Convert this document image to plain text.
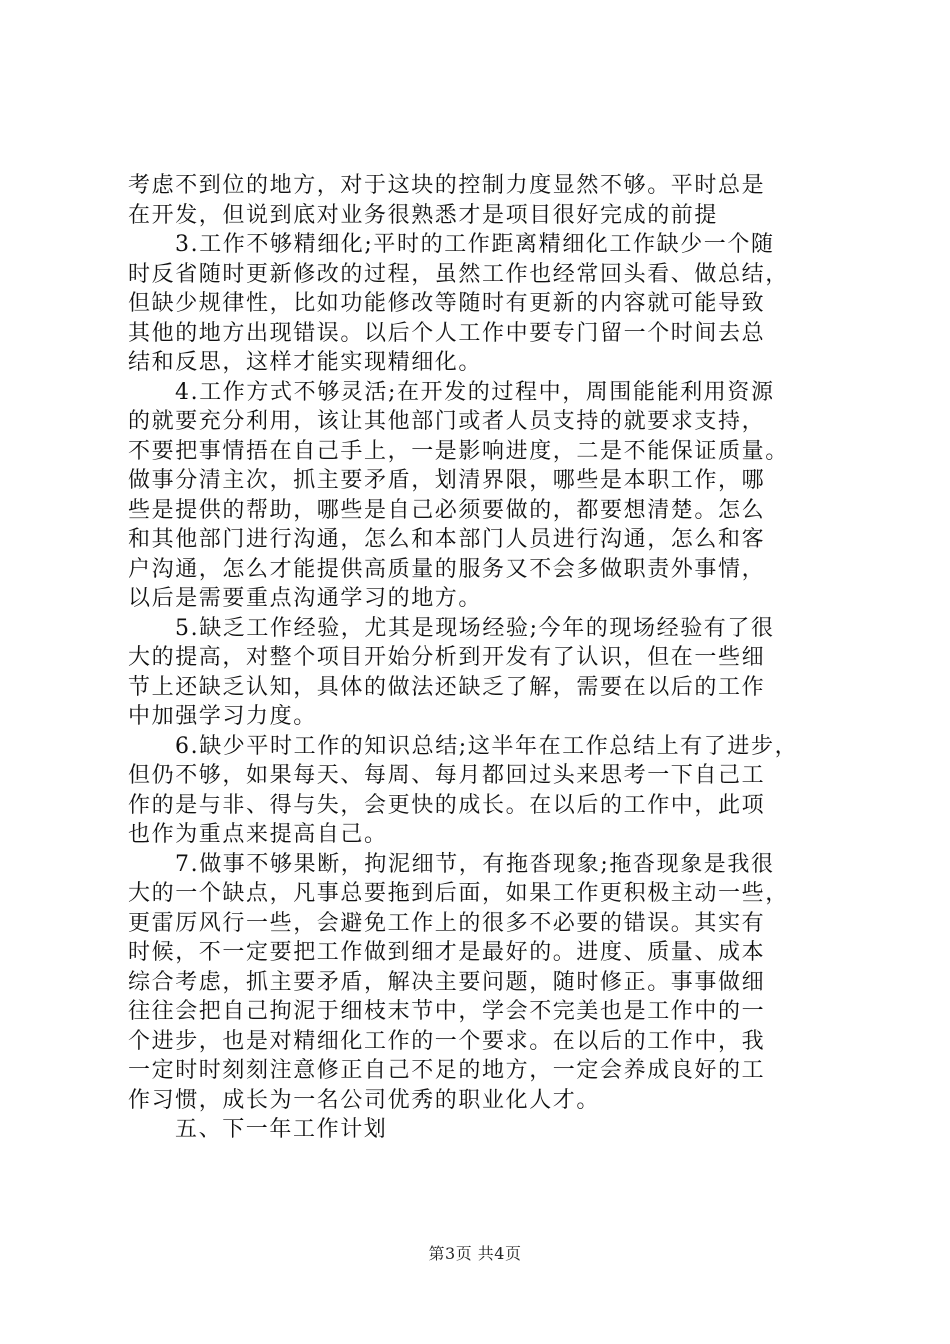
考虑不到位的地方，对于这块的控制力度显然不够。平时总是
在开发，但说到底对业务很熟悉才是项目很好完成的前提
3.工作不够精细化;平时的工作距离精细化工作缺少一个随
时反省随时更新修改的过程，虽然工作也经常回头看、做总结，
但缺少规律性，比如功能修改等随时有更新的内容就可能导致
其他的地方出现错误。以后个人工作中要专门留一个时间去总
结和反思，这样才能实现精细化。
4.工作方式不够灵活;在开发的过程中，周围能能利用资源
的就要充分利用，该让其他部门或者人员支持的就要求支持，
不要把事情捂在自己手上，一是影响进度，二是不能保证质量。
做事分清主次，抓主要矛盾，划清界限，哪些是本职工作，哪
些是提供的帮助，哪些是自己必须要做的，都要想清楚。怎么
和其他部门进行沟通，怎么和本部门人员进行沟通，怎么和客
户沟通，怎么才能提供高质量的服务又不会多做职责外事情，
以后是需要重点沟通学习的地方。
5.缺乏工作经验，尤其是现场经验;今年的现场经验有了很
大的提高，对整个项目开始分析到开发有了认识，但在一些细
节上还缺乏认知，具体的做法还缺乏了解，需要在以后的工作
中加强学习力度。
6.缺少平时工作的知识总结;这半年在工作总结上有了进步，
但仍不够，如果每天、每周、每月都回过头来思考一下自己工
作的是与非、得与失，会更快的成长。在以后的工作中，此项
也作为重点来提高自己。
7.做事不够果断，拘泥细节，有拖沓现象;拖沓现象是我很
大的一个缺点，凡事总要拖到后面，如果工作更积极主动一些，
更雷厉风行一些，会避免工作上的很多不必要的错误。其实有
时候，不一定要把工作做到细才是最好的。进度、质量、成本
综合考虑，抓主要矛盾，解决主要问题，随时修正。事事做细
往往会把自己拘泥于细枝末节中，学会不完美也是工作中的一
个进步，也是对精细化工作的一个要求。在以后的工作中，我
一定时时刻刻注意修正自己不足的地方，一定会养成良好的工
作习惯，成长为一名公司优秀的职业化人才。
五、下一年工作计划
第3页 共4页
